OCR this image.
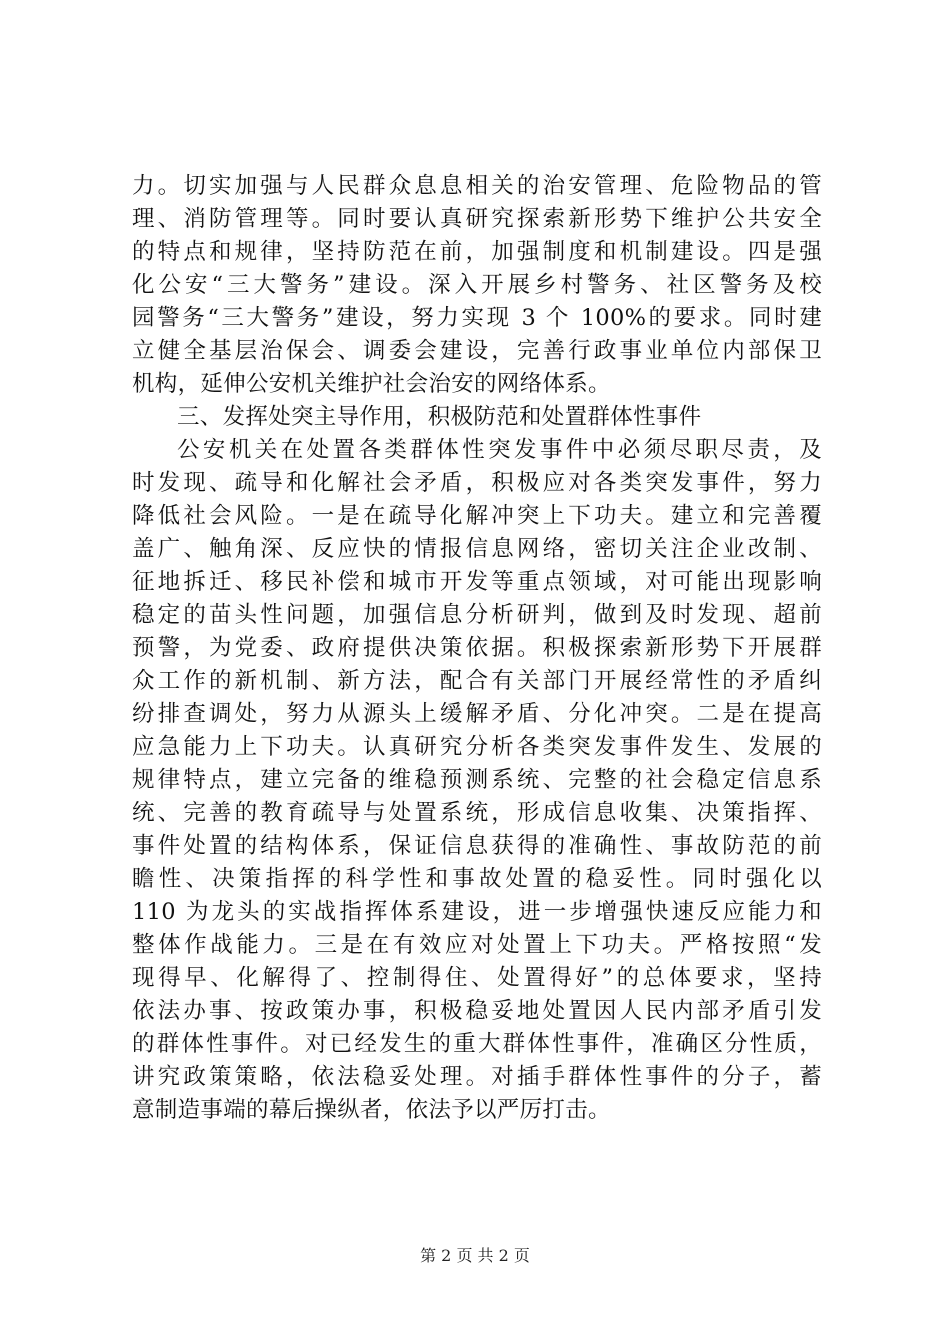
力。切实加强与人民群众息息相关的治安管理、危险物品的管
理、消防管理等。同时要认真研究探索新形势下维护公共安全
的特点和规律，坚持防范在前，加强制度和机制建设。四是强
化公安“三大警务”建设。深入开展乡村警务、社区警务及校
园警务“三大警务”建设，努力实现 3 个 100%的要求。同时建
立健全基层治保会、调委会建设，完善行政事业单位内部保卫
机构，延伸公安机关维护社会治安的网络体系。
三、发挥处突主导作用，积极防范和处置群体性事件
公安机关在处置各类群体性突发事件中必须尽职尽责，及
时发现、疏导和化解社会矛盾，积极应对各类突发事件，努力
降低社会风险。一是在疏导化解冲突上下功夫。建立和完善覆
盖广、触角深、反应快的情报信息网络，密切关注企业改制、
征地拆迁、移民补偿和城市开发等重点领域，对可能出现影响
稳定的苗头性问题，加强信息分析研判，做到及时发现、超前
预警，为党委、政府提供决策依据。积极探索新形势下开展群
众工作的新机制、新方法，配合有关部门开展经常性的矛盾纠
纷排查调处，努力从源头上缓解矛盾、分化冲突。二是在提高
应急能力上下功夫。认真研究分析各类突发事件发生、发展的
规律特点，建立完备的维稳预测系统、完整的社会稳定信息系
统、完善的教育疏导与处置系统，形成信息收集、决策指挥、
事件处置的结构体系，保证信息获得的准确性、事故防范的前
瞻性、决策指挥的科学性和事故处置的稳妥性。同时强化以
110 为龙头的实战指挥体系建设，进一步增强快速反应能力和
整体作战能力。三是在有效应对处置上下功夫。严格按照“发
现得早、化解得了、控制得住、处置得好”的总体要求，坚持
依法办事、按政策办事，积极稳妥地处置因人民内部矛盾引发
的群体性事件。对已经发生的重大群体性事件，准确区分性质，
讲究政策策略，依法稳妥处理。对插手群体性事件的分子，蓄
意制造事端的幕后操纵者，依法予以严厉打击。
第 2 页 共 2 页
